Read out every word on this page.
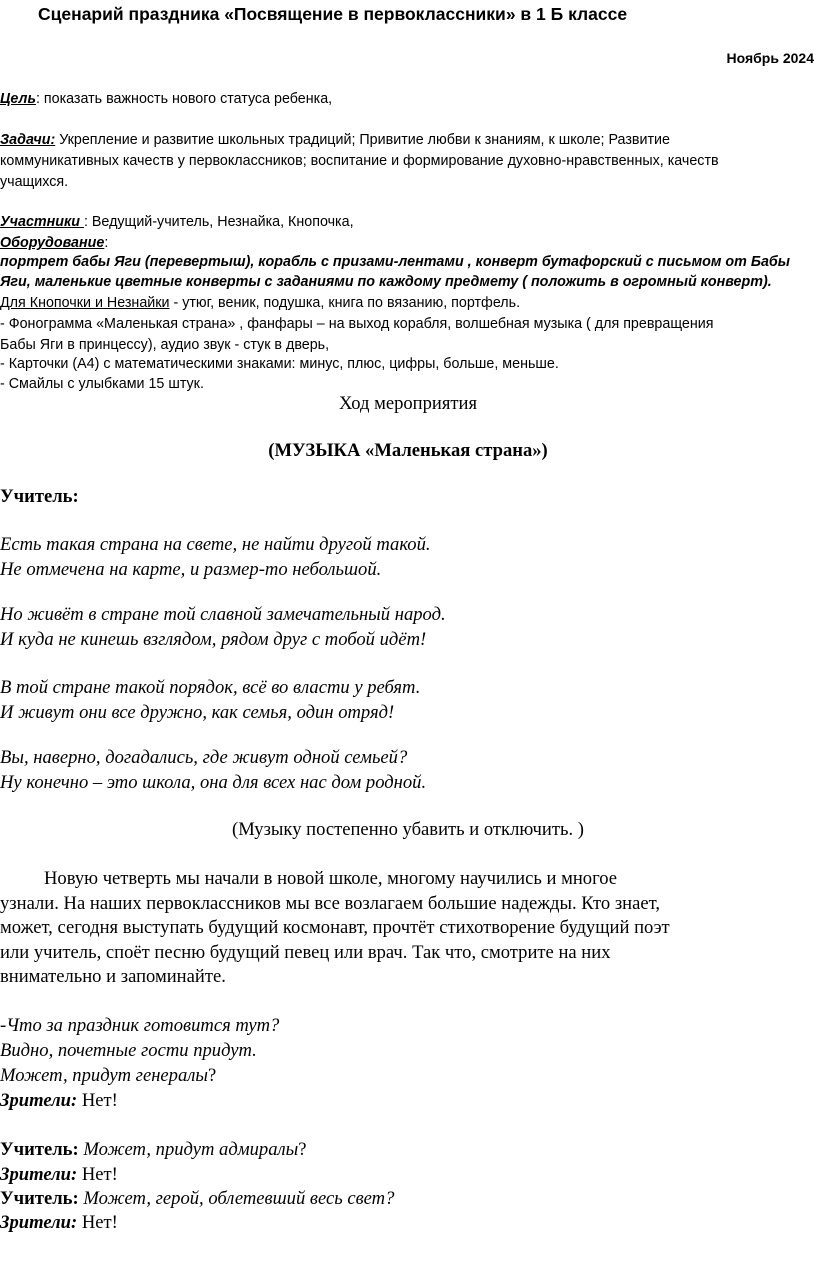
Сценарий праздника «Посвящение в первоклассники» в 1 Б классе
Ноябрь 2024
Цель: показать важность нового статуса ребенка,
Задачи: Укрепление и развитие школьных традиций; Привитие любви к знаниям, к школе; Развитие
коммуникативных качеств у первоклассников; воспитание и формирование духовно-нравственных, качеств
учащихся.
Участники : Ведущий-учитель, Незнайка, Кнопочка,
Оборудование:
портрет бабы Яги (перевертыш), корабль с призами-лентами , конверт бутафорский с письмом от Бабы
Яги, маленькие цветные конверты с заданиями по каждому предмету ( положить в огромный конверт).
Для Кнопочки и Незнайки - утюг, веник, подушка, книга по вязанию, портфель.
- Фонограмма «Маленькая страна» , фанфары – на выход корабля, волшебная музыка ( для превращения
Бабы Яги в принцессу), аудио звук - стук в дверь,
- Карточки (А4) с математическими знаками: минус, плюс, цифры, больше, меньше.
- Смайлы с улыбками 15 штук.
Ход мероприятия
(МУЗЫКА «Маленькая страна»)
Учитель:
Есть такая страна на свете, не найти другой такой.
Не отмечена на карте, и размер-то небольшой.
Но живёт в стране той славной замечательный народ.
И куда не кинешь взглядом, рядом друг с тобой идёт!
В той стране такой порядок, всё во власти у ребят.
И живут они все дружно, как семья, один отряд!
Вы, наверно, догадались, где живут одной семьей?
Ну конечно – это школа, она для всех нас дом родной.
(Музыку постепенно убавить и отключить. )
Новую четверть мы начали в новой школе, многому научились и многое
узнали. На наших первоклассников мы все возлагаем большие надежды. Кто знает,
может, сегодня выступать будущий космонавт, прочтёт стихотворение будущий поэт
или учитель, споёт песню будущий певец или врач. Так что, смотрите на них
внимательно и запоминайте.
-Что за праздник готовится тут?
Видно, почетные гости придут.
Может, придут генералы?
Зрители: Нет!
Учитель: Может, придут адмиралы?
Зрители: Нет!
Учитель: Может, герой, облетевший весь свет?
Зрители: Нет!
